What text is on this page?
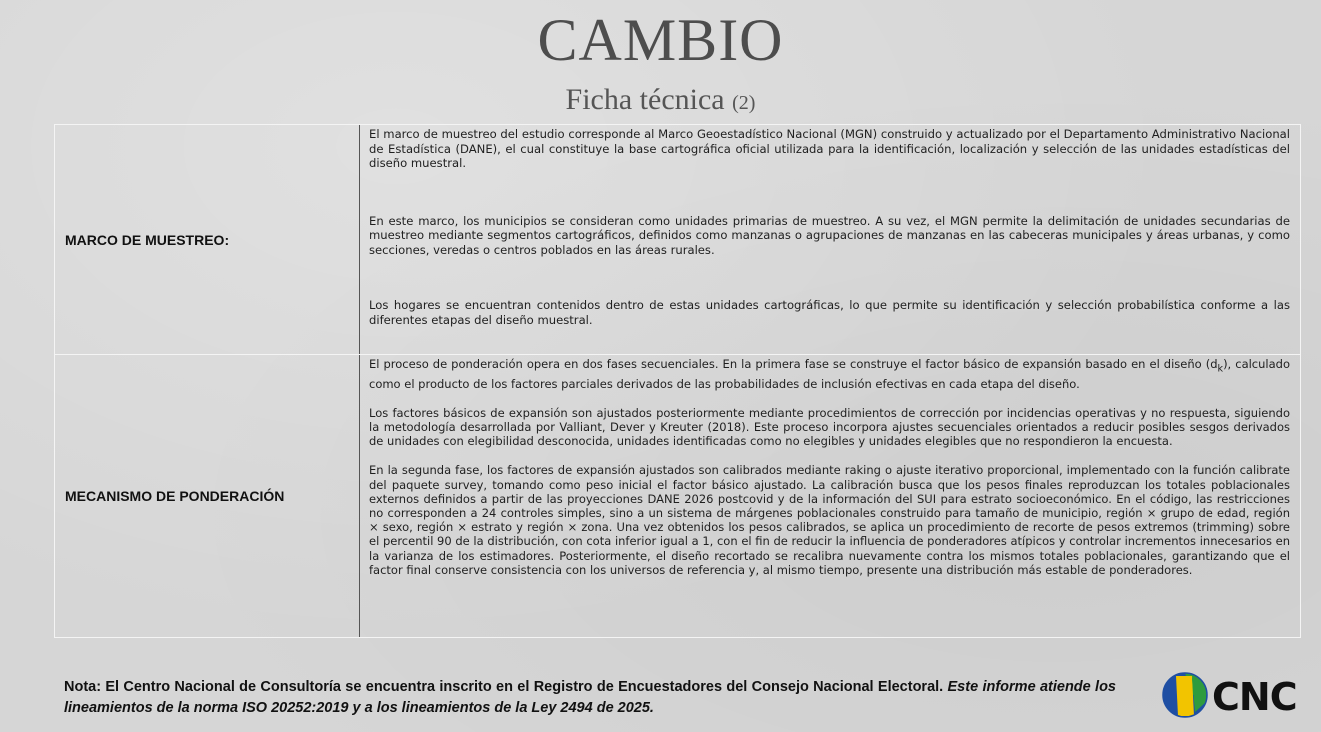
CAMBIO
Ficha técnica (2)
MARCO DE MUESTREO:

El marco de muestreo del estudio corresponde al Marco Geoestadístico Nacional (MGN) construido y actualizado por el Departamento Administrativo Nacional de Estadística (DANE), el cual constituye la base cartográfica oficial utilizada para la identificación, localización y selección de las unidades estadísticas del diseño muestral.

En este marco, los municipios se consideran como unidades primarias de muestreo. A su vez, el MGN permite la delimitación de unidades secundarias de muestreo mediante segmentos cartográficos, definidos como manzanas o agrupaciones de manzanas en las cabeceras municipales y áreas urbanas, y como secciones, veredas o centros poblados en las áreas rurales.

Los hogares se encuentran contenidos dentro de estas unidades cartográficas, lo que permite su identificación y selección probabilística conforme a las diferentes etapas del diseño muestral.

MECANISMO DE PONDERACIÓN

El proceso de ponderación opera en dos fases secuenciales. En la primera fase se construye el factor básico de expansión basado en el diseño $(d_k)$, calculado como el producto de los factores parciales derivados de las probabilidades de inclusión efectivas en cada etapa del diseño.

Los factores básicos de expansión son ajustados posteriormente mediante procedimientos de corrección por incidencias operativas y no respuesta, siguiendo la metodología desarrollada por Valliant, Dever y Kreuter (2018). Este proceso incorpora ajustes secuenciales orientados a reducir posibles sesgos derivados de unidades con elegibilidad desconocida, unidades identificadas como no elegibles y unidades elegibles que no respondieron la encuesta.

En la segunda fase, los factores de expansión ajustados son calibrados mediante raking o ajuste iterativo proporcional, implementado con la función calibrate del paquete survey, tomando como peso inicial el factor básico ajustado. La calibración busca que los pesos finales reproduzcan los totales poblacionales externos definidos a partir de las proyecciones DANE 2026 postcovid y de la información del SUI para estrato socioeconómico. En el código, las restricciones no corresponden a 24 controles simples, sino a un sistema de márgenes poblacionales construido para tamaño de municipio, región × grupo de edad, región × sexo, región × estrato y región × zona. Una vez obtenidos los pesos calibrados, se aplica un procedimiento de recorte de pesos extremos (trimming) sobre el percentil 90 de la distribución, con cota inferior igual a 1, con el fin de reducir la influencia de ponderadores atípicos y controlar incrementos innecesarios en la varianza de los estimadores. Posteriormente, el diseño recortado se recalibra nuevamente contra los mismos totales poblacionales, garantizando que el factor final conserve consistencia con los universos de referencia y, al mismo tiempo, presente una distribución más estable de ponderadores.

Nota: El Centro Nacional de Consultoría se encuentra inscrito en el Registro de Encuestadores del Consejo Nacional Electoral. Este informe atiende los lineamientos de la norma ISO 20252:2019 y a los lineamientos de la Ley 2494 de 2025.	CNC
